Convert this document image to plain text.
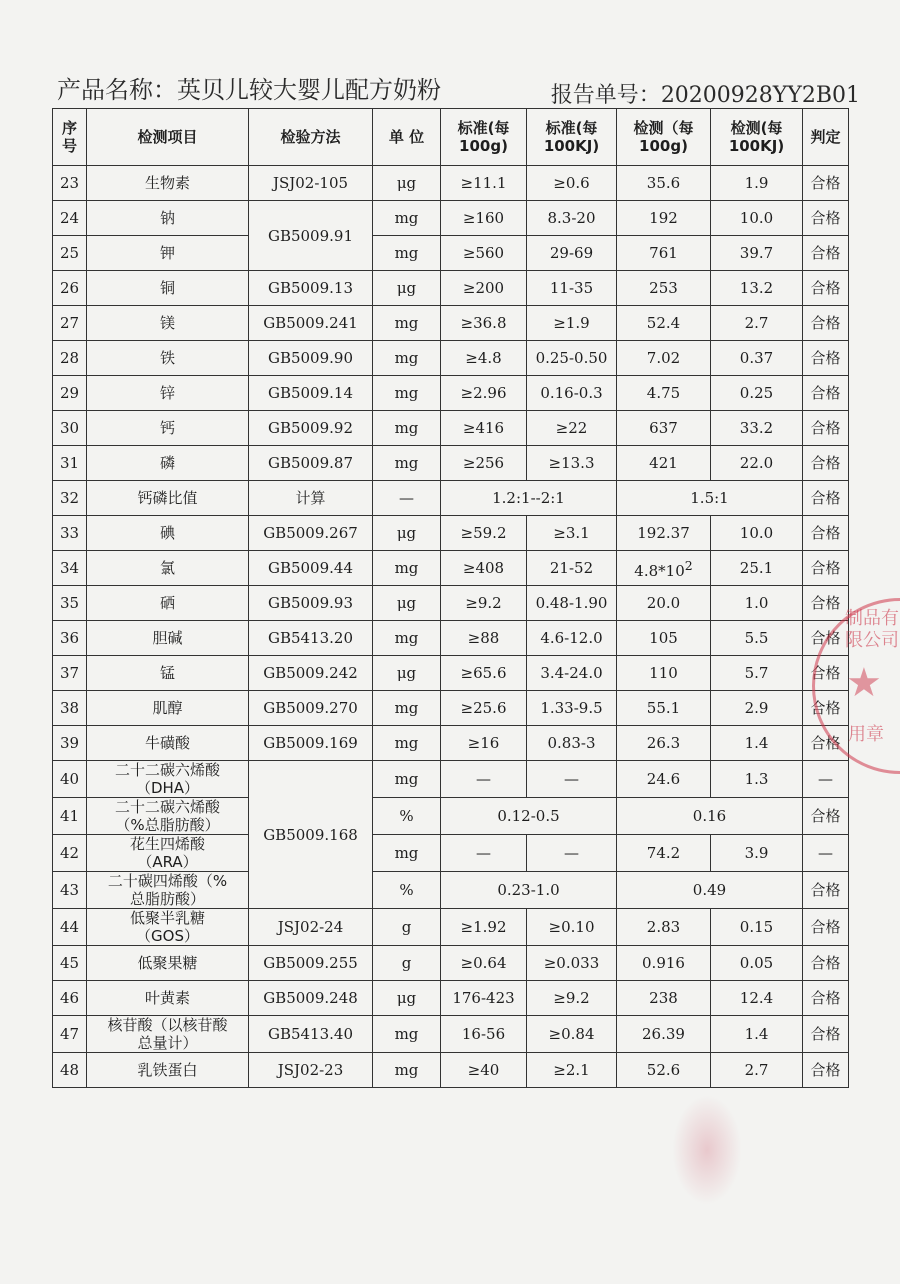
产品名称：英贝儿较大婴儿配方奶粉	报告单号：20200928YY2B01
序号	检测项目	检验方法	单 位	标准(每100g)	标准(每100KJ)	检测（每100g)	检测(每100KJ)	判定
23	生物素	JSJ02-105	μg	≥11.1	≥0.6	35.6	1.9	合格
24	钠	GB5009.91	mg	≥160	8.3-20	192	10.0	合格
25	钾		mg	≥560	29-69	761	39.7	合格
26	铜	GB5009.13	μg	≥200	11-35	253	13.2	合格
27	镁	GB5009.241	mg	≥36.8	≥1.9	52.4	2.7	合格
28	铁	GB5009.90	mg	≥4.8	0.25-0.50	7.02	0.37	合格
29	锌	GB5009.14	mg	≥2.96	0.16-0.3	4.75	0.25	合格
30	钙	GB5009.92	mg	≥416	≥22	637	33.2	合格
31	磷	GB5009.87	mg	≥256	≥13.3	421	22.0	合格
32	钙磷比值	计算	—	1.2:1--2:1		1.5:1		合格
33	碘	GB5009.267	μg	≥59.2	≥3.1	192.37	10.0	合格
34	氯	GB5009.44	mg	≥408	21-52	$4.8*10^2$	25.1	合格
35	硒	GB5009.93	μg	≥9.2	0.48-1.90	20.0	1.0	合格
36	胆碱	GB5413.20	mg	≥88	4.6-12.0	105	5.5	合格
37	锰	GB5009.242	μg	≥65.6	3.4-24.0	110	5.7	合格
38	肌醇	GB5009.270	mg	≥25.6	1.33-9.5	55.1	2.9	合格
39	牛磺酸	GB5009.169	mg	≥16	0.83-3	26.3	1.4	合格
40	二十二碳六烯酸
（DHA）	GB5009.168	mg	—	—	24.6	1.3	—
41	二十二碳六烯酸
（%总脂肪酸）		%	0.12-0.5		0.16		合格
42	花生四烯酸
（ARA）		mg	—	—	74.2	3.9	—
43	二十碳四烯酸（%
总脂肪酸）		%	0.23-1.0		0.49		合格
44	低聚半乳糖
（GOS）	JSJ02-24	g	≥1.92	≥0.10	2.83	0.15	合格
45	低聚果糖	GB5009.255	g	≥0.64	≥0.033	0.916	0.05	合格
46	叶黄素	GB5009.248	μg	176-423	≥9.2	238	12.4	合格
47	核苷酸（以核苷酸
总量计）	GB5413.40	mg	16-56	≥0.84	26.39	1.4	合格
48	乳铁蛋白	JSJ02-23	mg	≥40	≥2.1	52.6	2.7	合格
★
制品有限公司
用章
